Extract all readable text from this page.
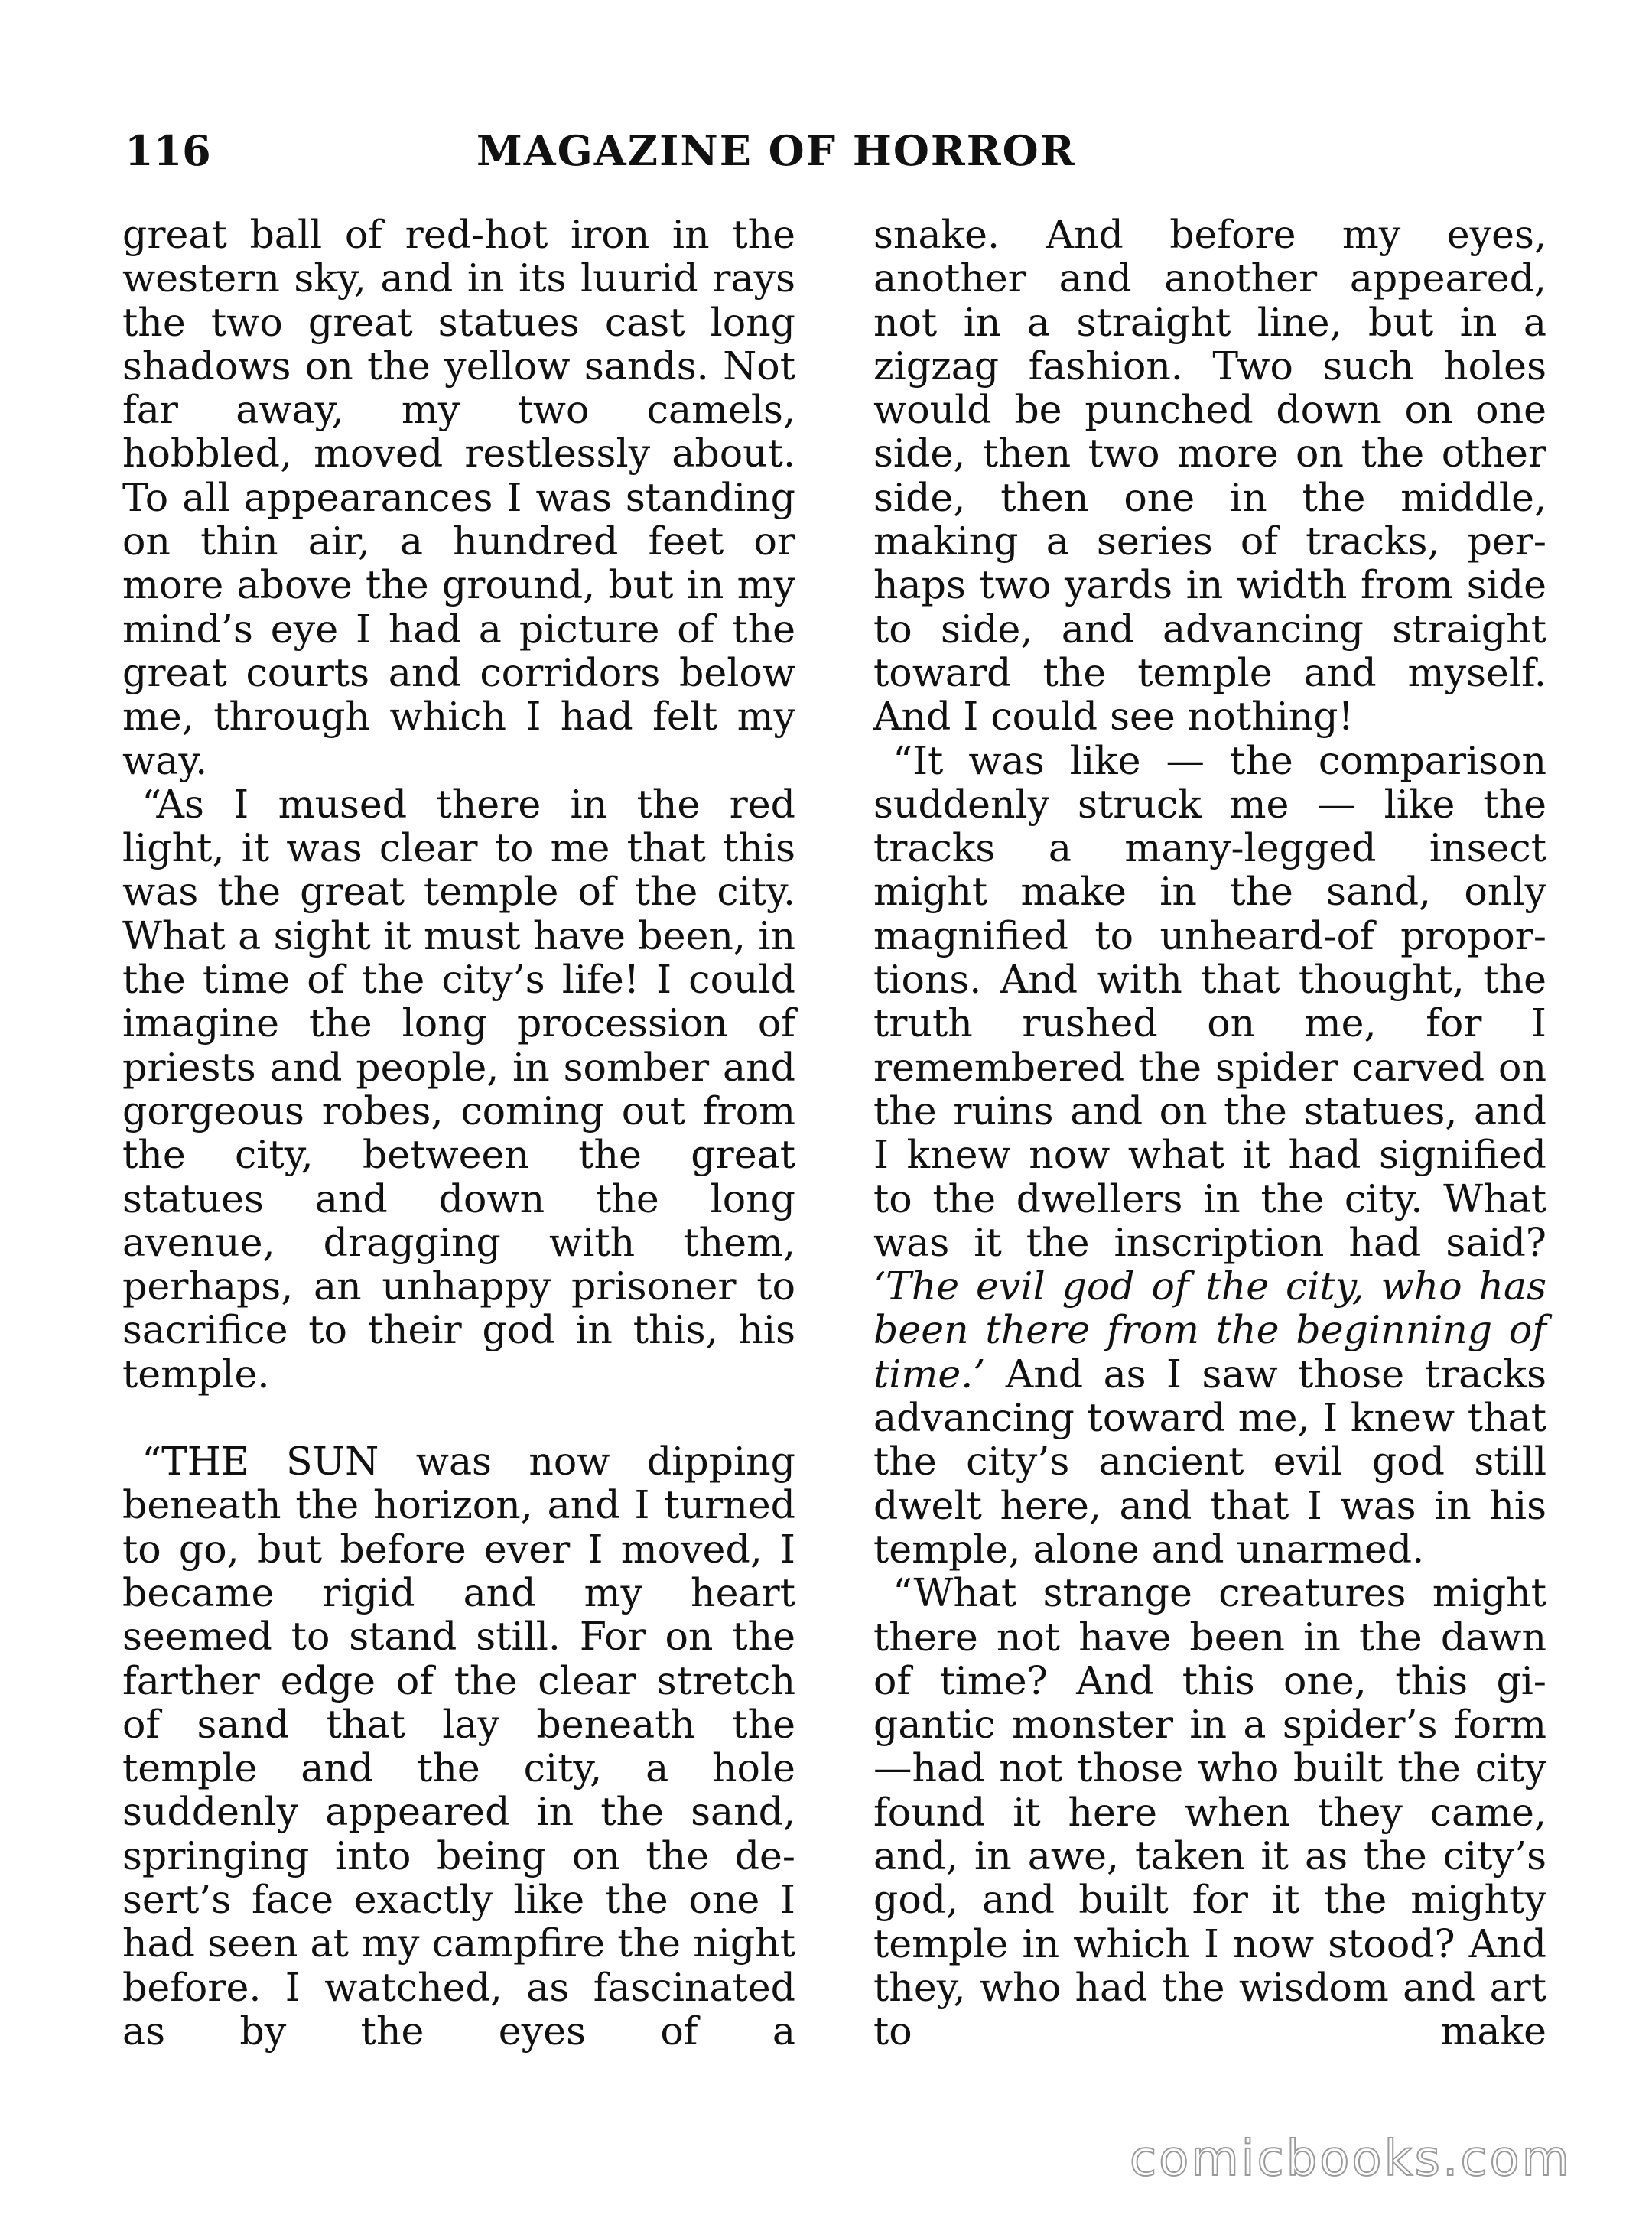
116	MAGAZINE OF HORROR

great ball of red-hot iron in the western sky, and in its luurid rays the two great statues cast long shadows on the yellow sands. Not far away, my two camels, hobbled, moved restlessly about. To all appearances I was standing on thin air, a hundred feet or more above the ground, but in my mind’s eye I had a picture of the great courts and corridors below me, through which I had felt my way.

“As I mused there in the red light, it was clear to me that this was the great temple of the city. What a sight it must have been, in the time of the city’s life! I could imagine the long procession of priests and people, in somber and gorgeous robes, coming out from the city, between the great statues and down the long avenue, dragging with them, perhaps, an unhappy prisoner to sacrifice to their god in this, his temple.

“THE SUN was now dipping beneath the horizon, and I turned to go, but before ever I moved, I became rigid and my heart seemed to stand still. For on the farther edge of the clear stretch of sand that lay beneath the temple and the city, a hole suddenly appeared in the sand, springing into being on the desert’s face exactly like the one I had seen at my campfire the night before. I watched, as fascinated as by the eyes of a

snake. And before my eyes, another and another appeared, not in a straight line, but in a zigzag fashion. Two such holes would be punched down on one side, then two more on the other side, then one in the middle, making a series of tracks, perhaps two yards in width from side to side, and advancing straight toward the temple and myself. And I could see nothing!

“It was like — the comparison suddenly struck me — like the tracks a many-legged insect might make in the sand, only magnified to unheard-of proportions. And with that thought, the truth rushed on me, for I remembered the spider carved on the ruins and on the statues, and I knew now what it had signified to the dwellers in the city. What was it the inscription had said? ‘The evil god of the city, who has been there from the beginning of time.’ And as I saw those tracks advancing toward me, I knew that the city’s ancient evil god still dwelt here, and that I was in his temple, alone and unarmed.

“What strange creatures might there not have been in the dawn of time? And this one, this gigantic monster in a spider’s form —had not those who built the city found it here when they came, and, in awe, taken it as the city’s god, and built for it the mighty temple in which I now stood? And they, who had the wisdom and art to make

comicbooks.com
